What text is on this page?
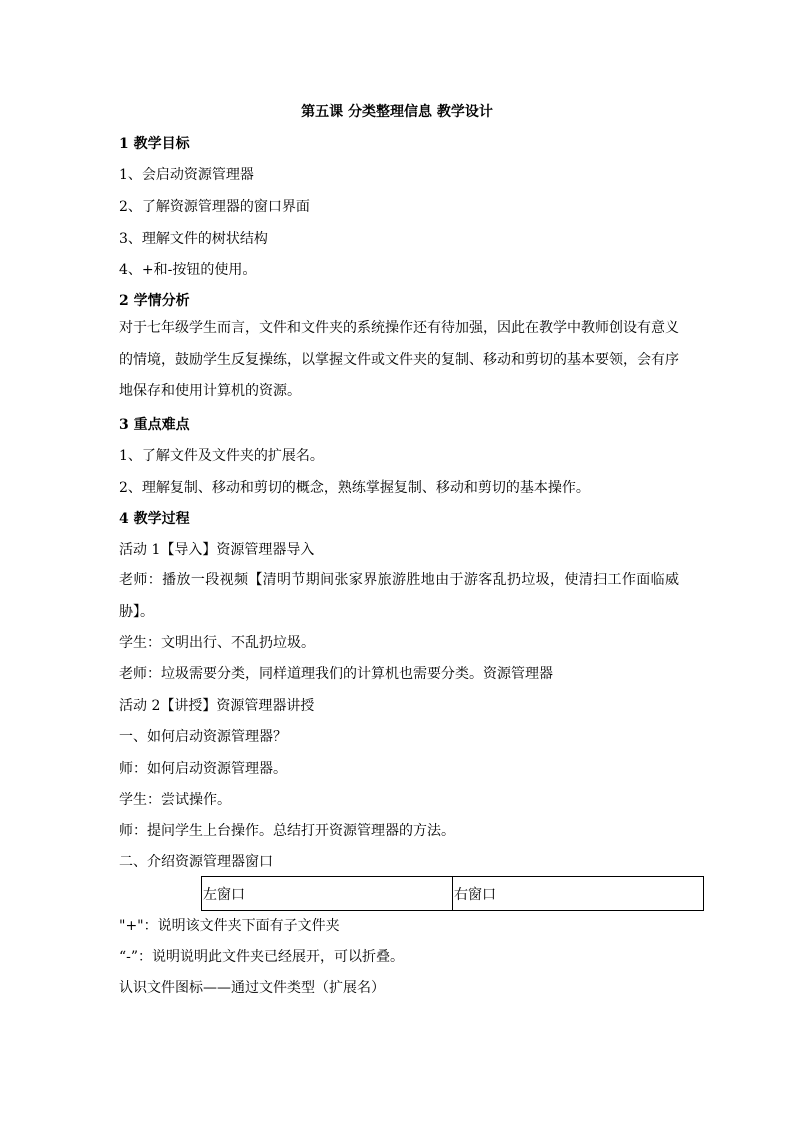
第五课 分类整理信息 教学设计
1 教学目标
1、会启动资源管理器
2、了解资源管理器的窗口界面
3、理解文件的树状结构
4、+和-按钮的使用。
2 学情分析
对于七年级学生而言，文件和文件夹的系统操作还有待加强，因此在教学中教师创设有意义的情境，鼓励学生反复操练，以掌握文件或文件夹的复制、移动和剪切的基本要领，会有序地保存和使用计算机的资源。
3 重点难点
1、了解文件及文件夹的扩展名。
2、理解复制、移动和剪切的概念，熟练掌握复制、移动和剪切的基本操作。
4 教学过程
活动 1【导入】资源管理器导入
老师：播放一段视频【清明节期间张家界旅游胜地由于游客乱扔垃圾，使清扫工作面临威胁】。
学生：文明出行、不乱扔垃圾。
老师：垃圾需要分类，同样道理我们的计算机也需要分类。资源管理器
活动 2【讲授】资源管理器讲授
一、如何启动资源管理器？
师：如何启动资源管理器。
学生：尝试操作。
师：提问学生上台操作。总结打开资源管理器的方法。
二、介绍资源管理器窗口
左窗口	右窗口
"+"：说明该文件夹下面有子文件夹
“-”：说明说明此文件夹已经展开，可以折叠。
认识文件图标——通过文件类型（扩展名）
